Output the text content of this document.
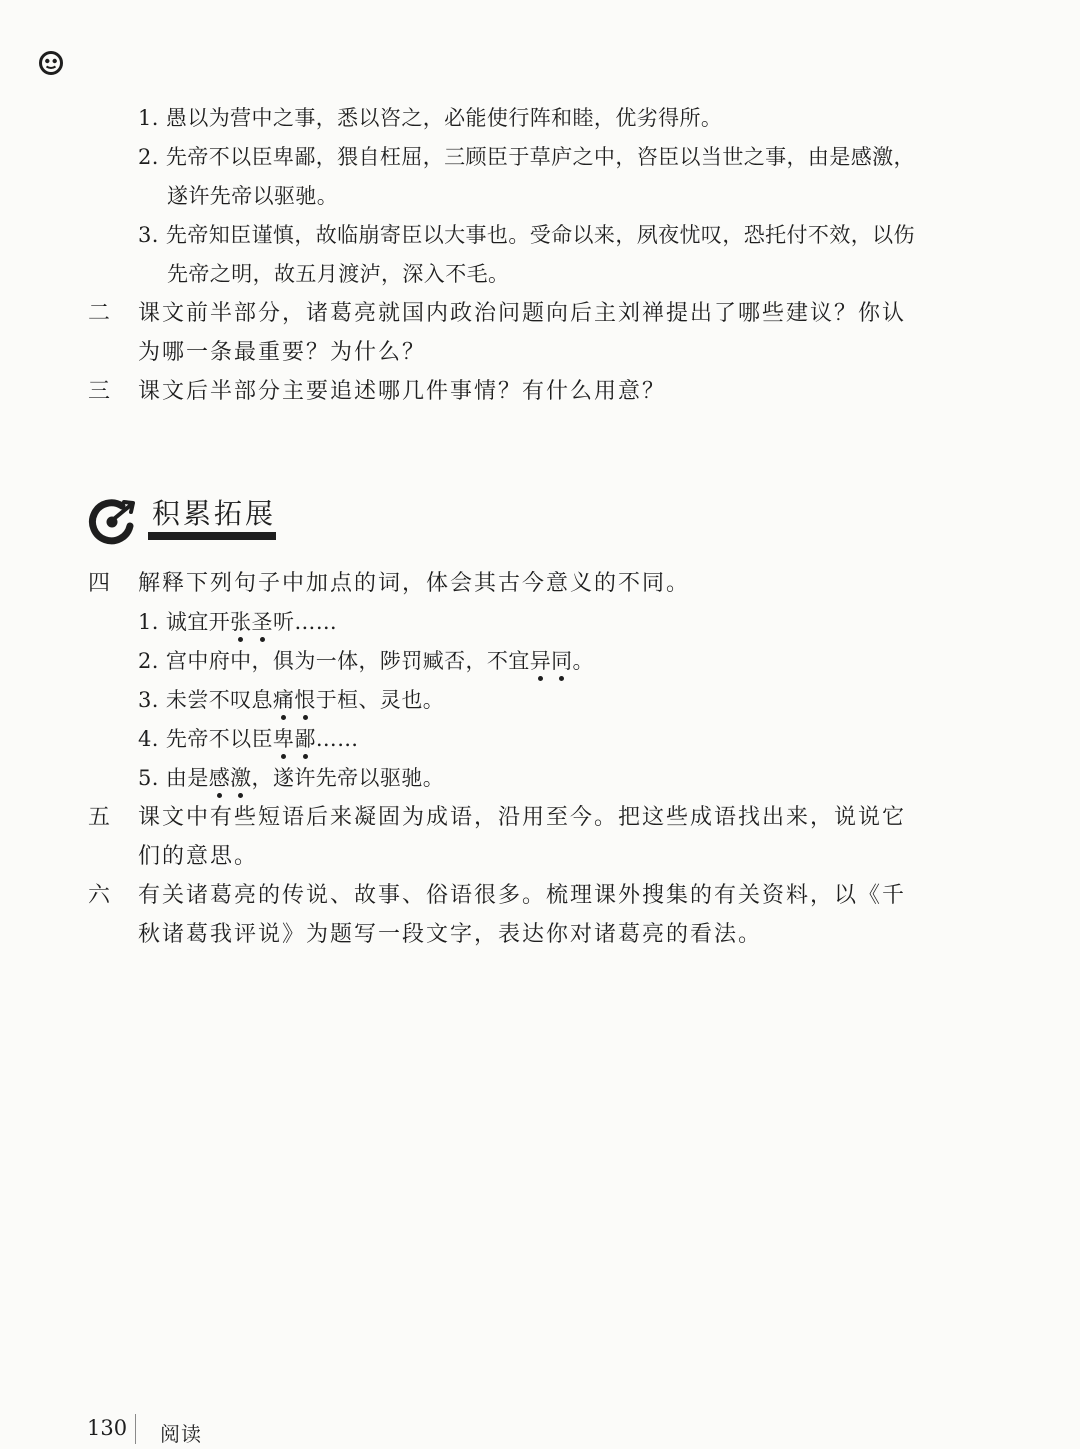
1. 愚以为营中之事，悉以咨之，必能使行阵和睦，优劣得所。
2. 先帝不以臣卑鄙，猥自枉屈，三顾臣于草庐之中，咨臣以当世之事，由是感激，
遂许先帝以驱驰。
3. 先帝知臣谨慎，故临崩寄臣以大事也。受命以来，夙夜忧叹，恐托付不效，以伤
先帝之明，故五月渡泸，深入不毛。
二 课文前半部分，诸葛亮就国内政治问题向后主刘禅提出了哪些建议？你认
为哪一条最重要？为什么？
三 课文后半部分主要追述哪几件事情？有什么用意？
积累拓展
四 解释下列句子中加点的词，体会其古今意义的不同。
1. 诚宜开张圣听……
2. 宫中府中，俱为一体，陟罚臧否，不宜异同。
3. 未尝不叹息痛恨于桓、灵也。
4. 先帝不以臣卑鄙……
5. 由是感激，遂许先帝以驱驰。
五 课文中有些短语后来凝固为成语，沿用至今。把这些成语找出来，说说它
们的意思。
六 有关诸葛亮的传说、故事、俗语很多。梳理课外搜集的有关资料，以《千
秋诸葛我评说》为题写一段文字，表达你对诸葛亮的看法。
130 阅读
